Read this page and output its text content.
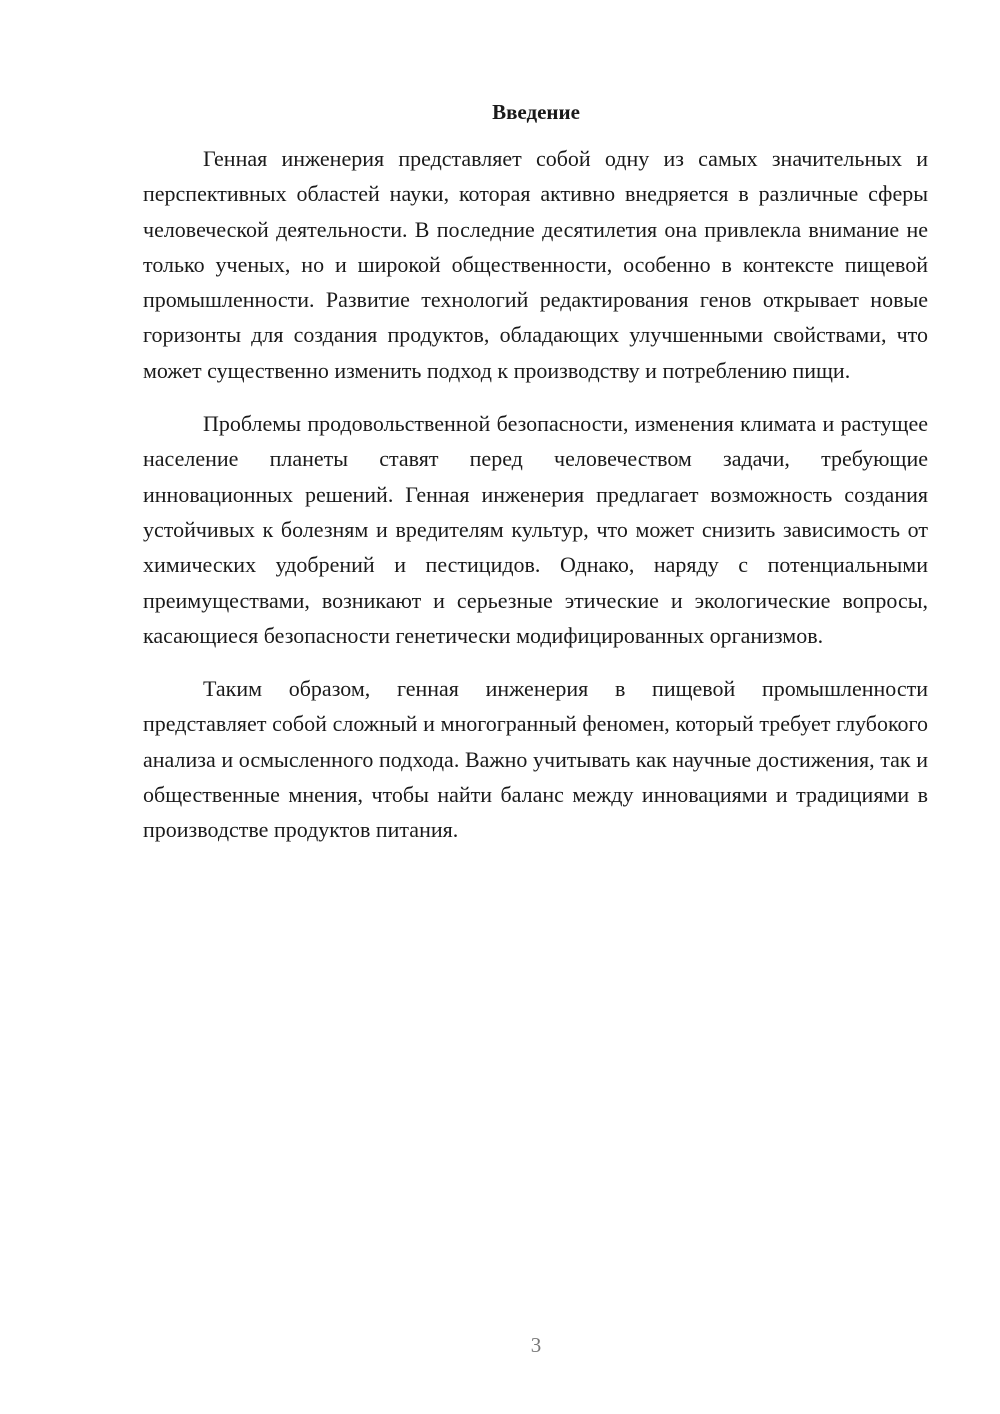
Введение

Генная инженерия представляет собой одну из самых значительных и перспективных областей науки, которая активно внедряется в различные сферы человеческой деятельности. В последние десятилетия она привлекла внимание не только ученых, но и широкой общественности, особенно в контексте пищевой промышленности. Развитие технологий редактирования генов открывает новые горизонты для создания продуктов, обладающих улучшенными свойствами, что может существенно изменить подход к производству и потреблению пищи.

Проблемы продовольственной безопасности, изменения климата и растущее население планеты ставят перед человечеством задачи, требующие инновационных решений. Генная инженерия предлагает возможность создания устойчивых к болезням и вредителям культур, что может снизить зависимость от химических удобрений и пестицидов. Однако, наряду с потенциальными преимуществами, возникают и серьезные этические и экологические вопросы, касающиеся безопасности генетически модифицированных организмов.

Таким образом, генная инженерия в пищевой промышленности представляет собой сложный и многогранный феномен, который требует глубокого анализа и осмысленного подхода. Важно учитывать как научные достижения, так и общественные мнения, чтобы найти баланс между инновациями и традициями в производстве продуктов питания.

3
